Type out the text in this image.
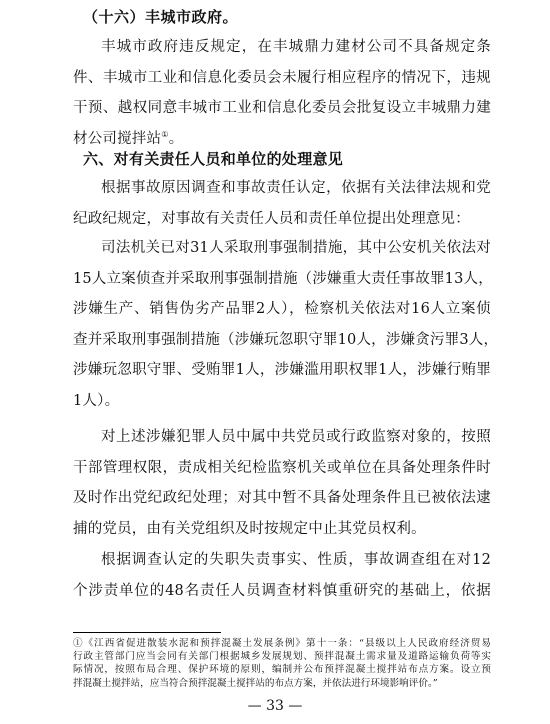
（十六）丰城市政府。
丰城市政府违反规定，在丰城鼎力建材公司不具备规定条
件、丰城市工业和信息化委员会未履行相应程序的情况下，违规
干预、越权同意丰城市工业和信息化委员会批复设立丰城鼎力建
材公司搅拌站①。
六、对有关责任人员和单位的处理意见
根据事故原因调查和事故责任认定，依据有关法律法规和党
纪政纪规定，对事故有关责任人员和责任单位提出处理意见：
司法机关已对31人采取刑事强制措施，其中公安机关依法对
15人立案侦查并采取刑事强制措施（涉嫌重大责任事故罪13人，
涉嫌生产、销售伪劣产品罪2人），检察机关依法对16人立案侦
查并采取刑事强制措施（涉嫌玩忽职守罪10人，涉嫌贪污罪3人，
涉嫌玩忽职守罪、受贿罪1人，涉嫌滥用职权罪1人，涉嫌行贿罪
1人）。
对上述涉嫌犯罪人员中属中共党员或行政监察对象的，按照
干部管理权限，责成相关纪检监察机关或单位在具备处理条件时
及时作出党纪政纪处理；对其中暂不具备处理条件且已被依法逮
捕的党员，由有关党组织及时按规定中止其党员权利。
根据调查认定的失职失责事实、性质，事故调查组在对12
个涉责单位的48名责任人员调查材料慎重研究的基础上，依据
①《江西省促进散装水泥和预拌混凝土发展条例》第十一条：“县级以上人民政府经济贸易
行政主管部门应当会同有关部门根据城乡发展规划、预拌混凝土需求量及道路运输负荷等实
际情况，按照布局合理、保护环境的原则，编制并公布预拌混凝土搅拌站布点方案。设立预
拌混凝土搅拌站，应当符合预拌混凝土搅拌站的布点方案，并依法进行环境影响评价。”
— 33 —
